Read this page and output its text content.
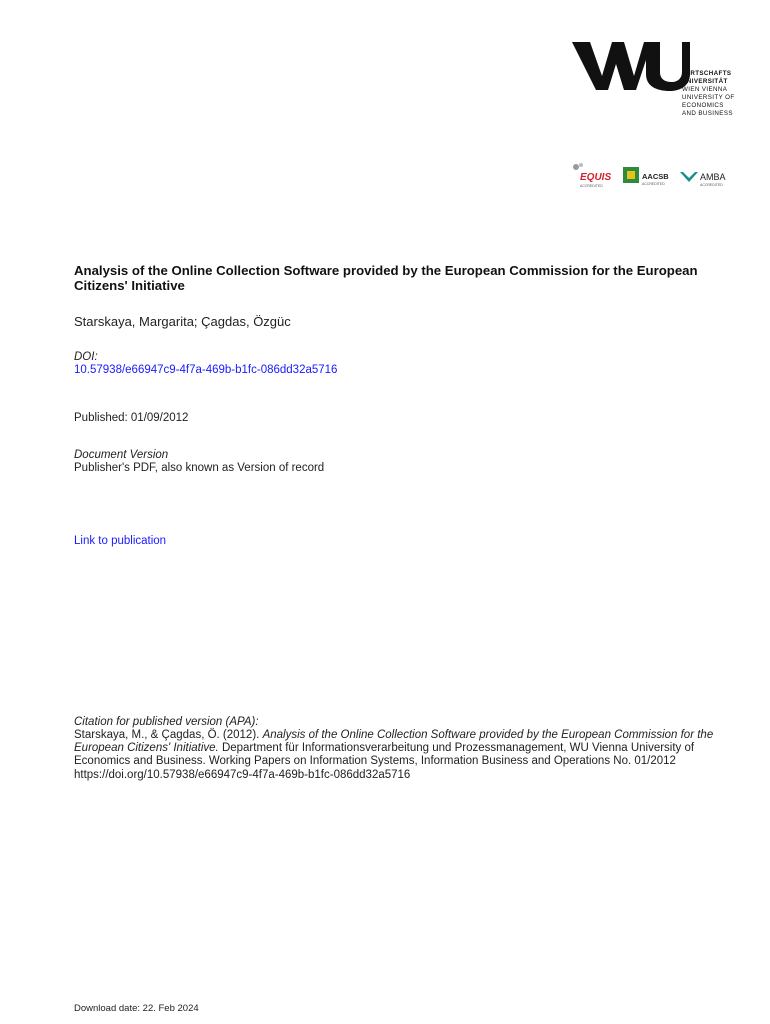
WIRTSCHAFTS
UNIVERSITÄT
WIEN VIENNA
UNIVERSITY OF
ECONOMICS
AND BUSINESS
EQUIS
ACCREDITED
AACSB
ACCREDITED
AMBA
ACCREDITED
Analysis of the Online Collection Software provided by the European Commission for the European Citizens' Initiative
Starskaya, Margarita; Çagdas, Özgüc
DOI:
10.57938/e66947c9-4f7a-469b-b1fc-086dd32a5716
Published: 01/09/2012
Document Version
Publisher's PDF, also known as Version of record
Link to publication
Citation for published version (APA):
Starskaya, M., & Çagdas, Ö. (2012). Analysis of the Online Collection Software provided by the European Commission for the European Citizens' Initiative. Department für Informationsverarbeitung und Prozessmanagement, WU Vienna University of Economics and Business. Working Papers on Information Systems, Information Business and Operations No. 01/2012 https://doi.org/10.57938/e66947c9-4f7a-469b-b1fc-086dd32a5716
Download date: 22. Feb 2024
